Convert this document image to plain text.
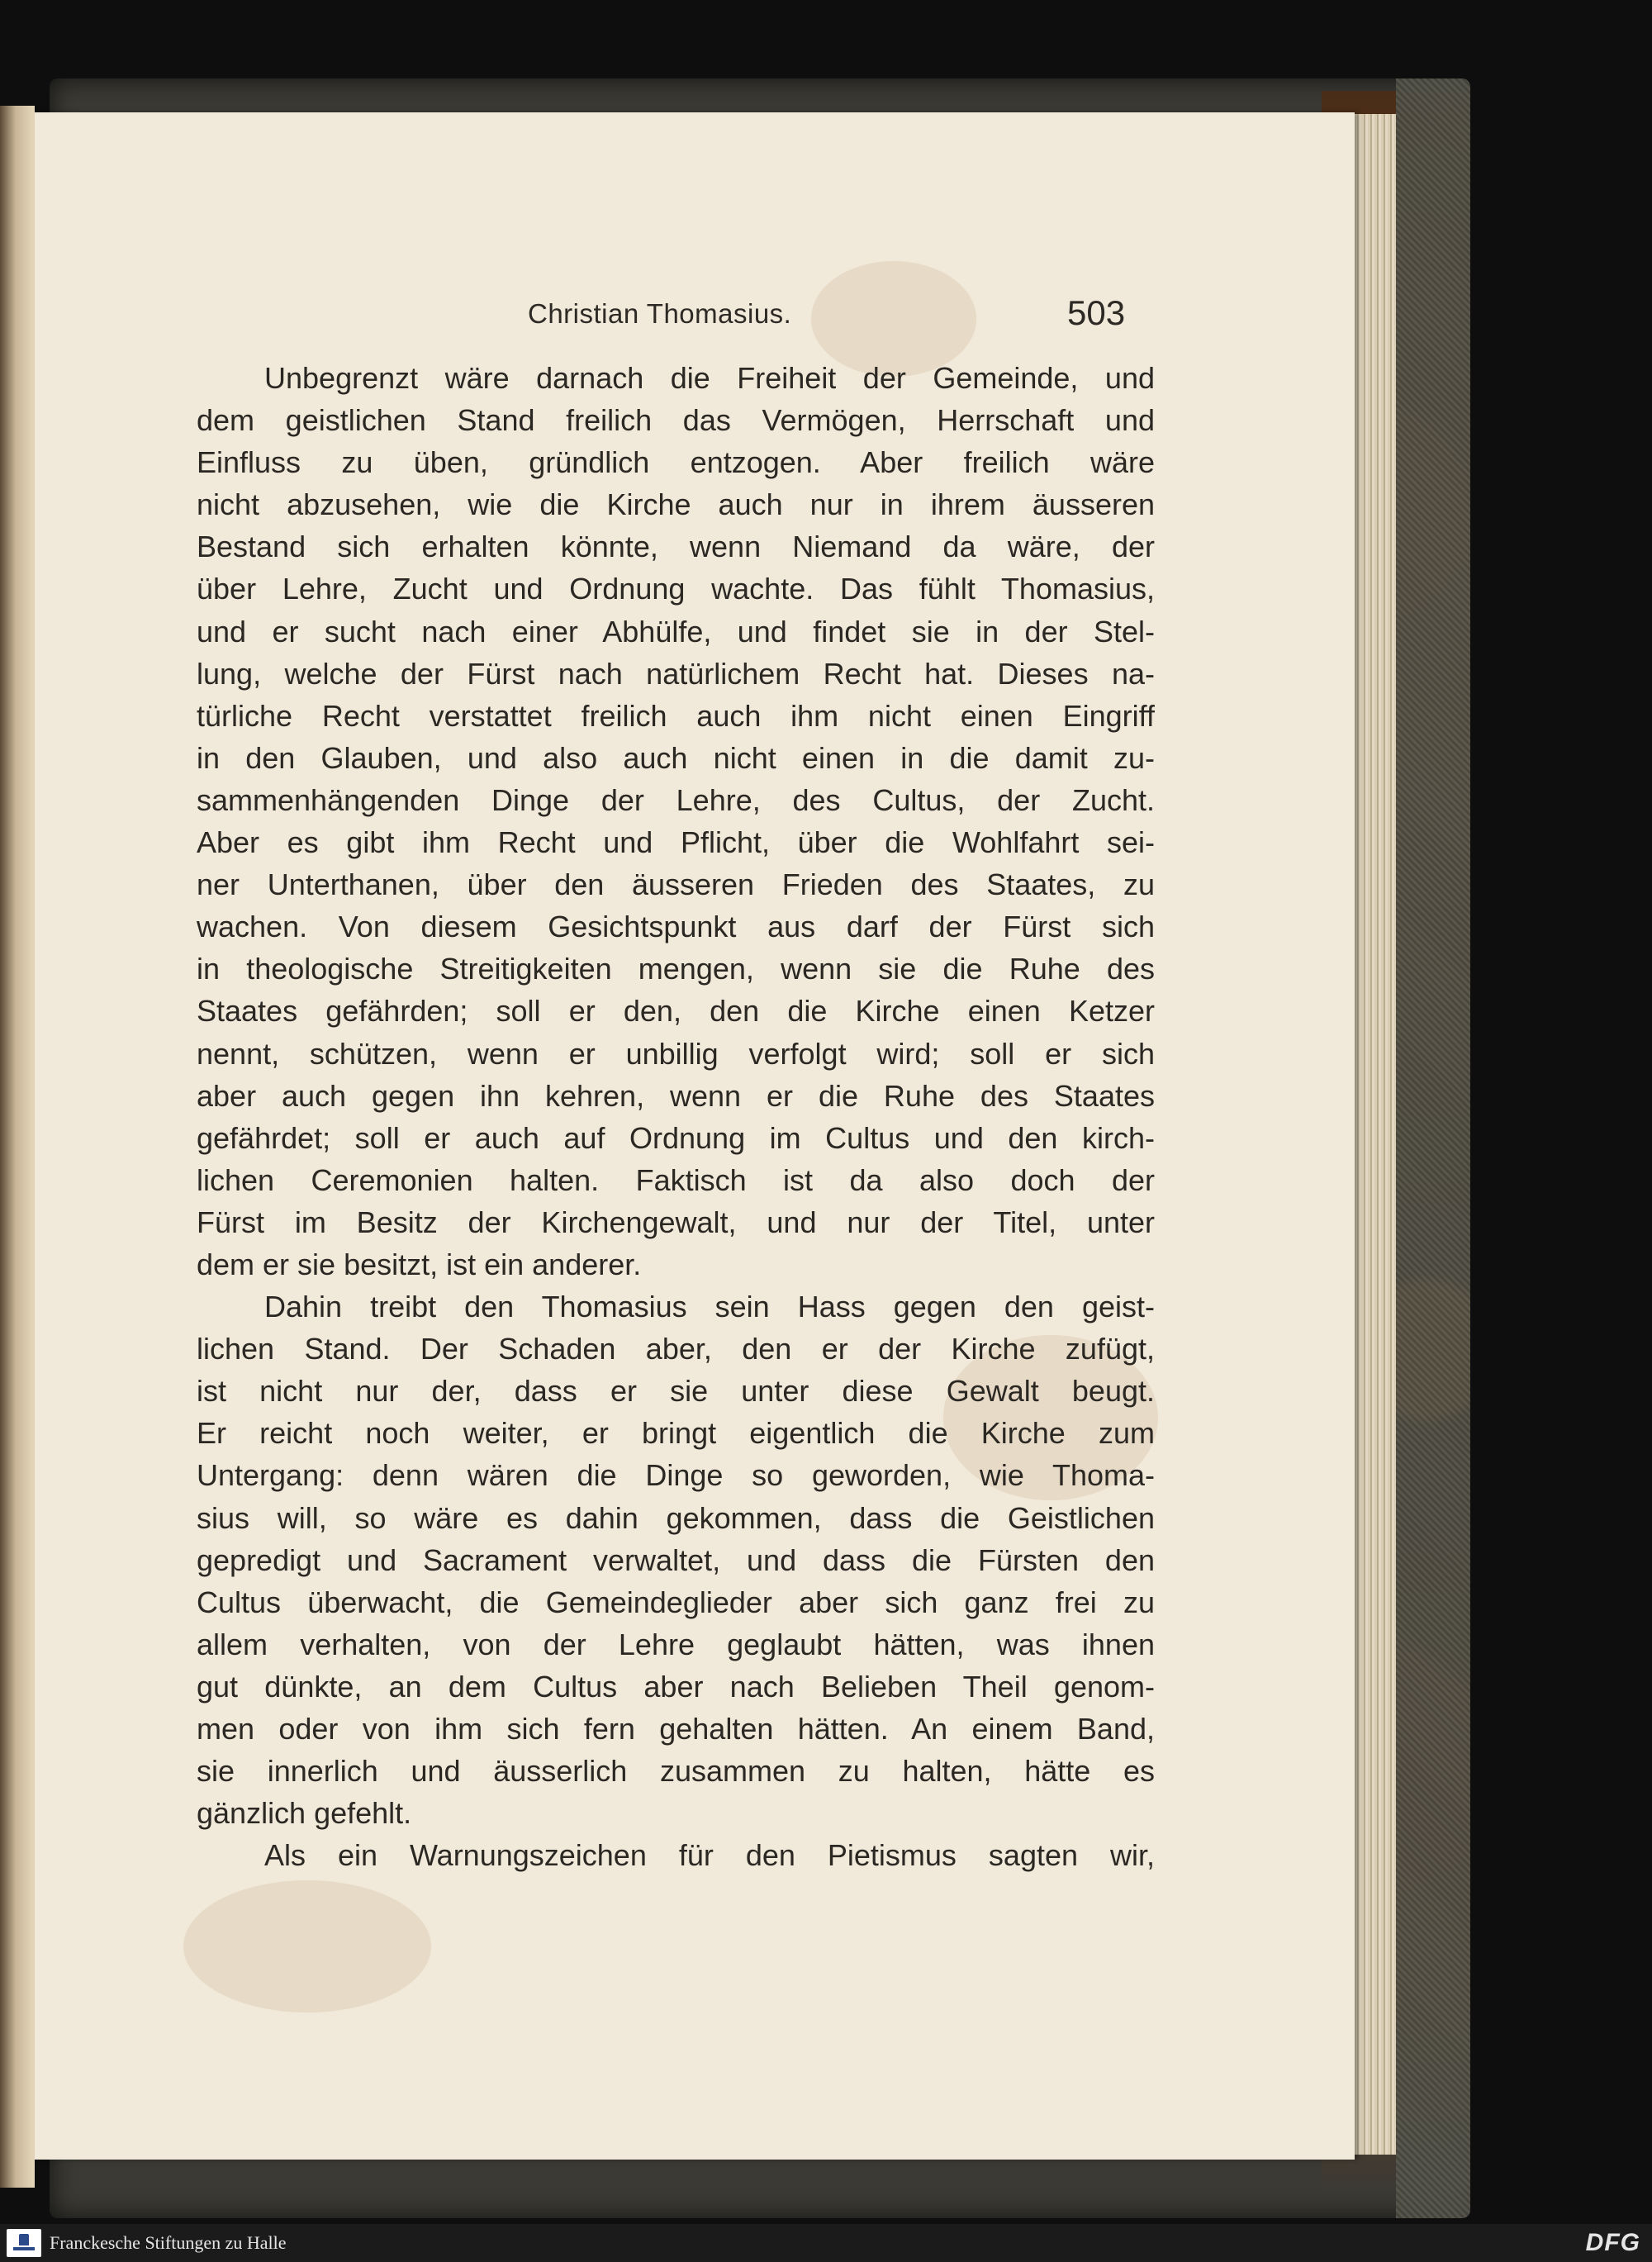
Christian Thomasius.	503
Unbegrenzt wäre darnach die Freiheit der Gemeinde, und
dem geistlichen Stand freilich das Vermögen, Herrschaft und
Einfluss zu üben, gründlich entzogen. Aber freilich wäre
nicht abzusehen, wie die Kirche auch nur in ihrem äusseren
Bestand sich erhalten könnte, wenn Niemand da wäre, der
über Lehre, Zucht und Ordnung wachte. Das fühlt Thomasius,
und er sucht nach einer Abhülfe, und findet sie in der Stel-
lung, welche der Fürst nach natürlichem Recht hat. Dieses na-
türliche Recht verstattet freilich auch ihm nicht einen Eingriff
in den Glauben, und also auch nicht einen in die damit zu-
sammenhängenden Dinge der Lehre, des Cultus, der Zucht.
Aber es gibt ihm Recht und Pflicht, über die Wohlfahrt sei-
ner Unterthanen, über den äusseren Frieden des Staates, zu
wachen. Von diesem Gesichtspunkt aus darf der Fürst sich
in theologische Streitigkeiten mengen, wenn sie die Ruhe des
Staates gefährden; soll er den, den die Kirche einen Ketzer
nennt, schützen, wenn er unbillig verfolgt wird; soll er sich
aber auch gegen ihn kehren, wenn er die Ruhe des Staates
gefährdet; soll er auch auf Ordnung im Cultus und den kirch-
lichen Ceremonien halten. Faktisch ist da also doch der
Fürst im Besitz der Kirchengewalt, und nur der Titel, unter
dem er sie besitzt, ist ein anderer.
Dahin treibt den Thomasius sein Hass gegen den geist-
lichen Stand. Der Schaden aber, den er der Kirche zufügt,
ist nicht nur der, dass er sie unter diese Gewalt beugt.
Er reicht noch weiter, er bringt eigentlich die Kirche zum
Untergang: denn wären die Dinge so geworden, wie Thoma-
sius will, so wäre es dahin gekommen, dass die Geistlichen
gepredigt und Sacrament verwaltet, und dass die Fürsten den
Cultus überwacht, die Gemeindeglieder aber sich ganz frei zu
allem verhalten, von der Lehre geglaubt hätten, was ihnen
gut dünkte, an dem Cultus aber nach Belieben Theil genom-
men oder von ihm sich fern gehalten hätten. An einem Band,
sie innerlich und äusserlich zusammen zu halten, hätte es
gänzlich gefehlt.
Als ein Warnungszeichen für den Pietismus sagten wir,
Franckesche Stiftungen zu Halle	DFG
